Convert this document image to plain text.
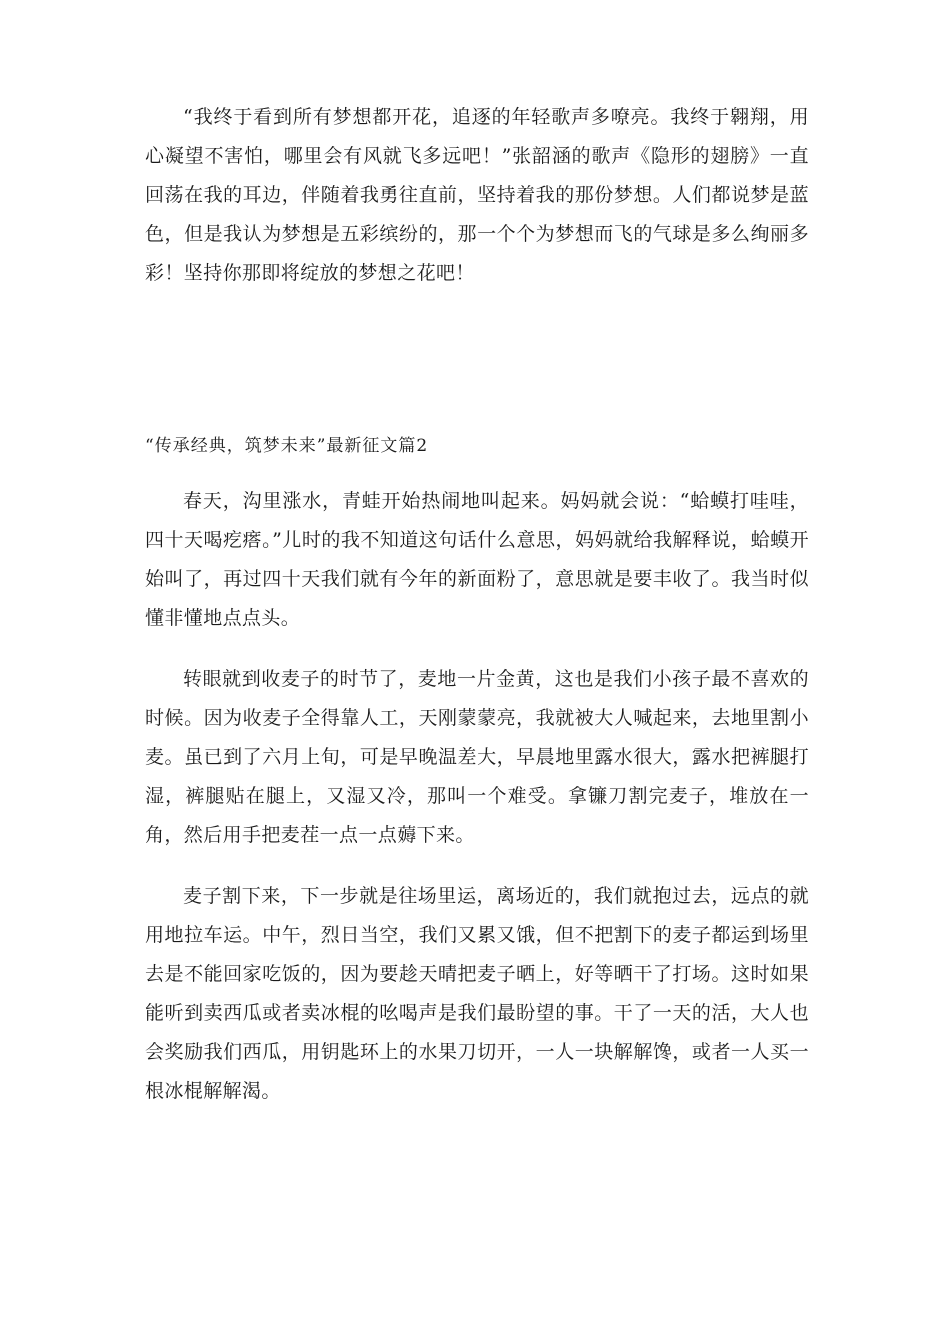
“我终于看到所有梦想都开花，追逐的年轻歌声多嘹亮。我终于翱翔，用心凝望不害怕，哪里会有风就飞多远吧！”张韶涵的歌声《隐形的翅膀》一直回荡在我的耳边，伴随着我勇往直前，坚持着我的那份梦想。人们都说梦是蓝色，但是我认为梦想是五彩缤纷的，那一个个为梦想而飞的气球是多么绚丽多彩！坚持你那即将绽放的梦想之花吧！

“传承经典，筑梦未来”最新征文篇2

春天，沟里涨水，青蛙开始热闹地叫起来。妈妈就会说：“蛤蟆打哇哇，四十天喝疙瘩。”儿时的我不知道这句话什么意思，妈妈就给我解释说，蛤蟆开始叫了，再过四十天我们就有今年的新面粉了，意思就是要丰收了。我当时似懂非懂地点点头。

转眼就到收麦子的时节了，麦地一片金黄，这也是我们小孩子最不喜欢的时候。因为收麦子全得靠人工，天刚蒙蒙亮，我就被大人喊起来，去地里割小麦。虽已到了六月上旬，可是早晚温差大，早晨地里露水很大，露水把裤腿打湿，裤腿贴在腿上，又湿又冷，那叫一个难受。拿镰刀割完麦子，堆放在一角，然后用手把麦茬一点一点薅下来。

麦子割下来，下一步就是往场里运，离场近的，我们就抱过去，远点的就用地拉车运。中午，烈日当空，我们又累又饿，但不把割下的麦子都运到场里去是不能回家吃饭的，因为要趁天晴把麦子晒上，好等晒干了打场。这时如果能听到卖西瓜或者卖冰棍的吆喝声是我们最盼望的事。干了一天的活，大人也会奖励我们西瓜，用钥匙环上的水果刀切开，一人一块解解馋，或者一人买一根冰棍解解渴。
